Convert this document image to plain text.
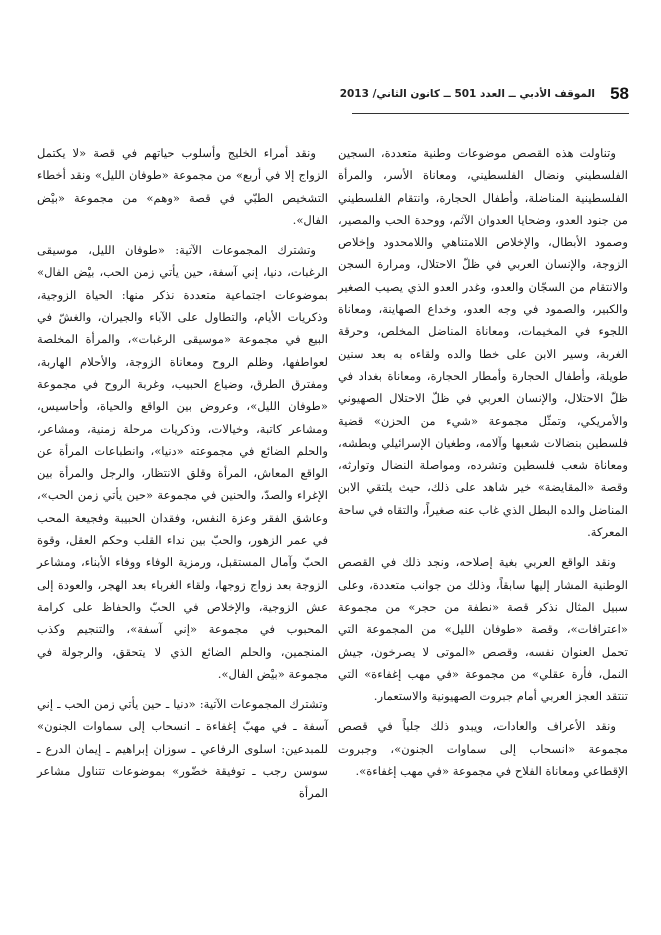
58
الموقف الأدبي ــ العدد 501 ــ كانون الثاني/ 2013

وتناولت هذه القصص موضوعات وطنية متعددة، السجين الفلسطيني ونضال الفلسطيني، ومعاناة الأسر، والمرأة الفلسطينية المناضلة، وأطفال الحجارة، وانتقام الفلسطيني من جنود العدو، وضحايا العدوان الآثم، ووحدة الحب والمصير، وصمود الأبطال، والإخلاص اللامتناهي واللامحدود وإخلاص الزوجة، والإنسان العربي في ظلّ الاحتلال، ومرارة السجن والانتقام من السجّان والعدو، وغدر العدو الذي يصيب الصغير والكبير، والصمود في وجه العدو، وخداع الصهاينة، ومعاناة اللجوء في المخيمات، ومعاناة المناضل المخلص، وحرقة الغربة، وسير الابن على خطا والده ولقاءه به بعد سنين طويلة، وأطفال الحجارة وأمطار الحجارة، ومعاناة بغداد في ظلّ الاحتلال، والإنسان العربي في ظلّ الاحتلال الصهيوني والأمريكي، وتمثّل مجموعة «شيء من الحزن» قضية فلسطين بنضالات شعبها وآلامه، وطغيان الإسرائيلي وبطشه، ومعاناة شعب فلسطين وتشرده، ومواصلة النضال وتوارثه، وقصة «المقايضة» خير شاهد على ذلك، حيث يلتقي الابن المناضل والده البطل الذي غاب عنه صغيراً، والتقاه في ساحة المعركة.

ونقد الواقع العربي بغية إصلاحه، ونجد ذلك في القصص الوطنية المشار إليها سابقاً، وذلك من جوانب متعددة، وعلى سبيل المثال نذكر قصة «نطفة من حجر» من مجموعة «اعترافات»، وقصة «طوفان الليل» من المجموعة التي تحمل العنوان نفسه، وقصص «الموتى لا يصرخون، جيش النمل، فأرة عقلي» من مجموعة «في مهب إغفاءة» التي تنتقد العجز العربي أمام جبروت الصهيونية والاستعمار.

ونقد الأعراف والعادات، ويبدو ذلك جلياً في قصص مجموعة «انسحاب إلى سماوات الجنون»، وجبروت الإقطاعي ومعاناة الفلاح في مجموعة «في مهب إغفاءة».

ونقد أمراء الخليج وأسلوب حياتهم في قصة «لا يكتمل الزواج إلا في أربع» من مجموعة «طوفان الليل» ونقد أخطاء التشخيص الطبّي في قصة «وهم» من مجموعة «بيْض الفال».

وتشترك المجموعات الآتية: «طوفان الليل، موسيقى الرغبات، دنيا، إني آسفة، حين يأتي زمن الحب، بيْض الفال» بموضوعات اجتماعية متعددة نذكر منها: الحياة الزوجية، وذكريات الأيام، والتطاول على الآباء والجيران، والغشّ في البيع في مجموعة «موسيقى الرغبات»، والمرأة المخلصة لعواطفها، وظلم الروح ومعاناة الزوجة، والأحلام الهاربة، ومفترق الطرق، وضياع الحبيب، وغربة الروح في مجموعة «طوفان الليل»، وعروض بين الواقع والحياة، وأحاسيس، ومشاعر كاتبة، وخيالات، وذكريات مرحلة زمنية، ومشاعر، والحلم الضائع في مجموعته «دنيا»، وانطباعات المرأة عن الواقع المعاش، المرأة وقلق الانتظار، والرجل والمرأة بين الإغراء والصدّ، والحنين في مجموعة «حين يأتي زمن الحب»، وعاشق الفقر وعزة النفس، وفقدان الحبيبة وفجيعة المحب في عمر الزهور، والحبّ بين نداء القلب وحكم العقل، وقوة الحبّ وآمال المستقبل، ورمزية الوفاء ووفاء الأبناء، ومشاعر الزوجة بعد زواج زوجها، ولقاء الغرباء بعد الهجر، والعودة إلى عش الزوجية، والإخلاص في الحبّ والحفاظ على كرامة المحبوب في مجموعة «إني آسفة»، والتنجيم وكذب المنجمين، والحلم الضائع الذي لا يتحقق، والرجولة في مجموعة «بيْض الفال».

وتشترك المجموعات الآتية: «دنيا ـ حين يأتي زمن الحب ـ إني آسفة ـ في مهبّ إغفاءة ـ انسحاب إلى سماوات الجنون» للمبدعين: اسلوى الرفاعي ـ سوزان إبراهيم ـ إيمان الدرع ـ سوسن رجب ـ توفيقة خضّور» بموضوعات تتناول مشاعر المرأة
